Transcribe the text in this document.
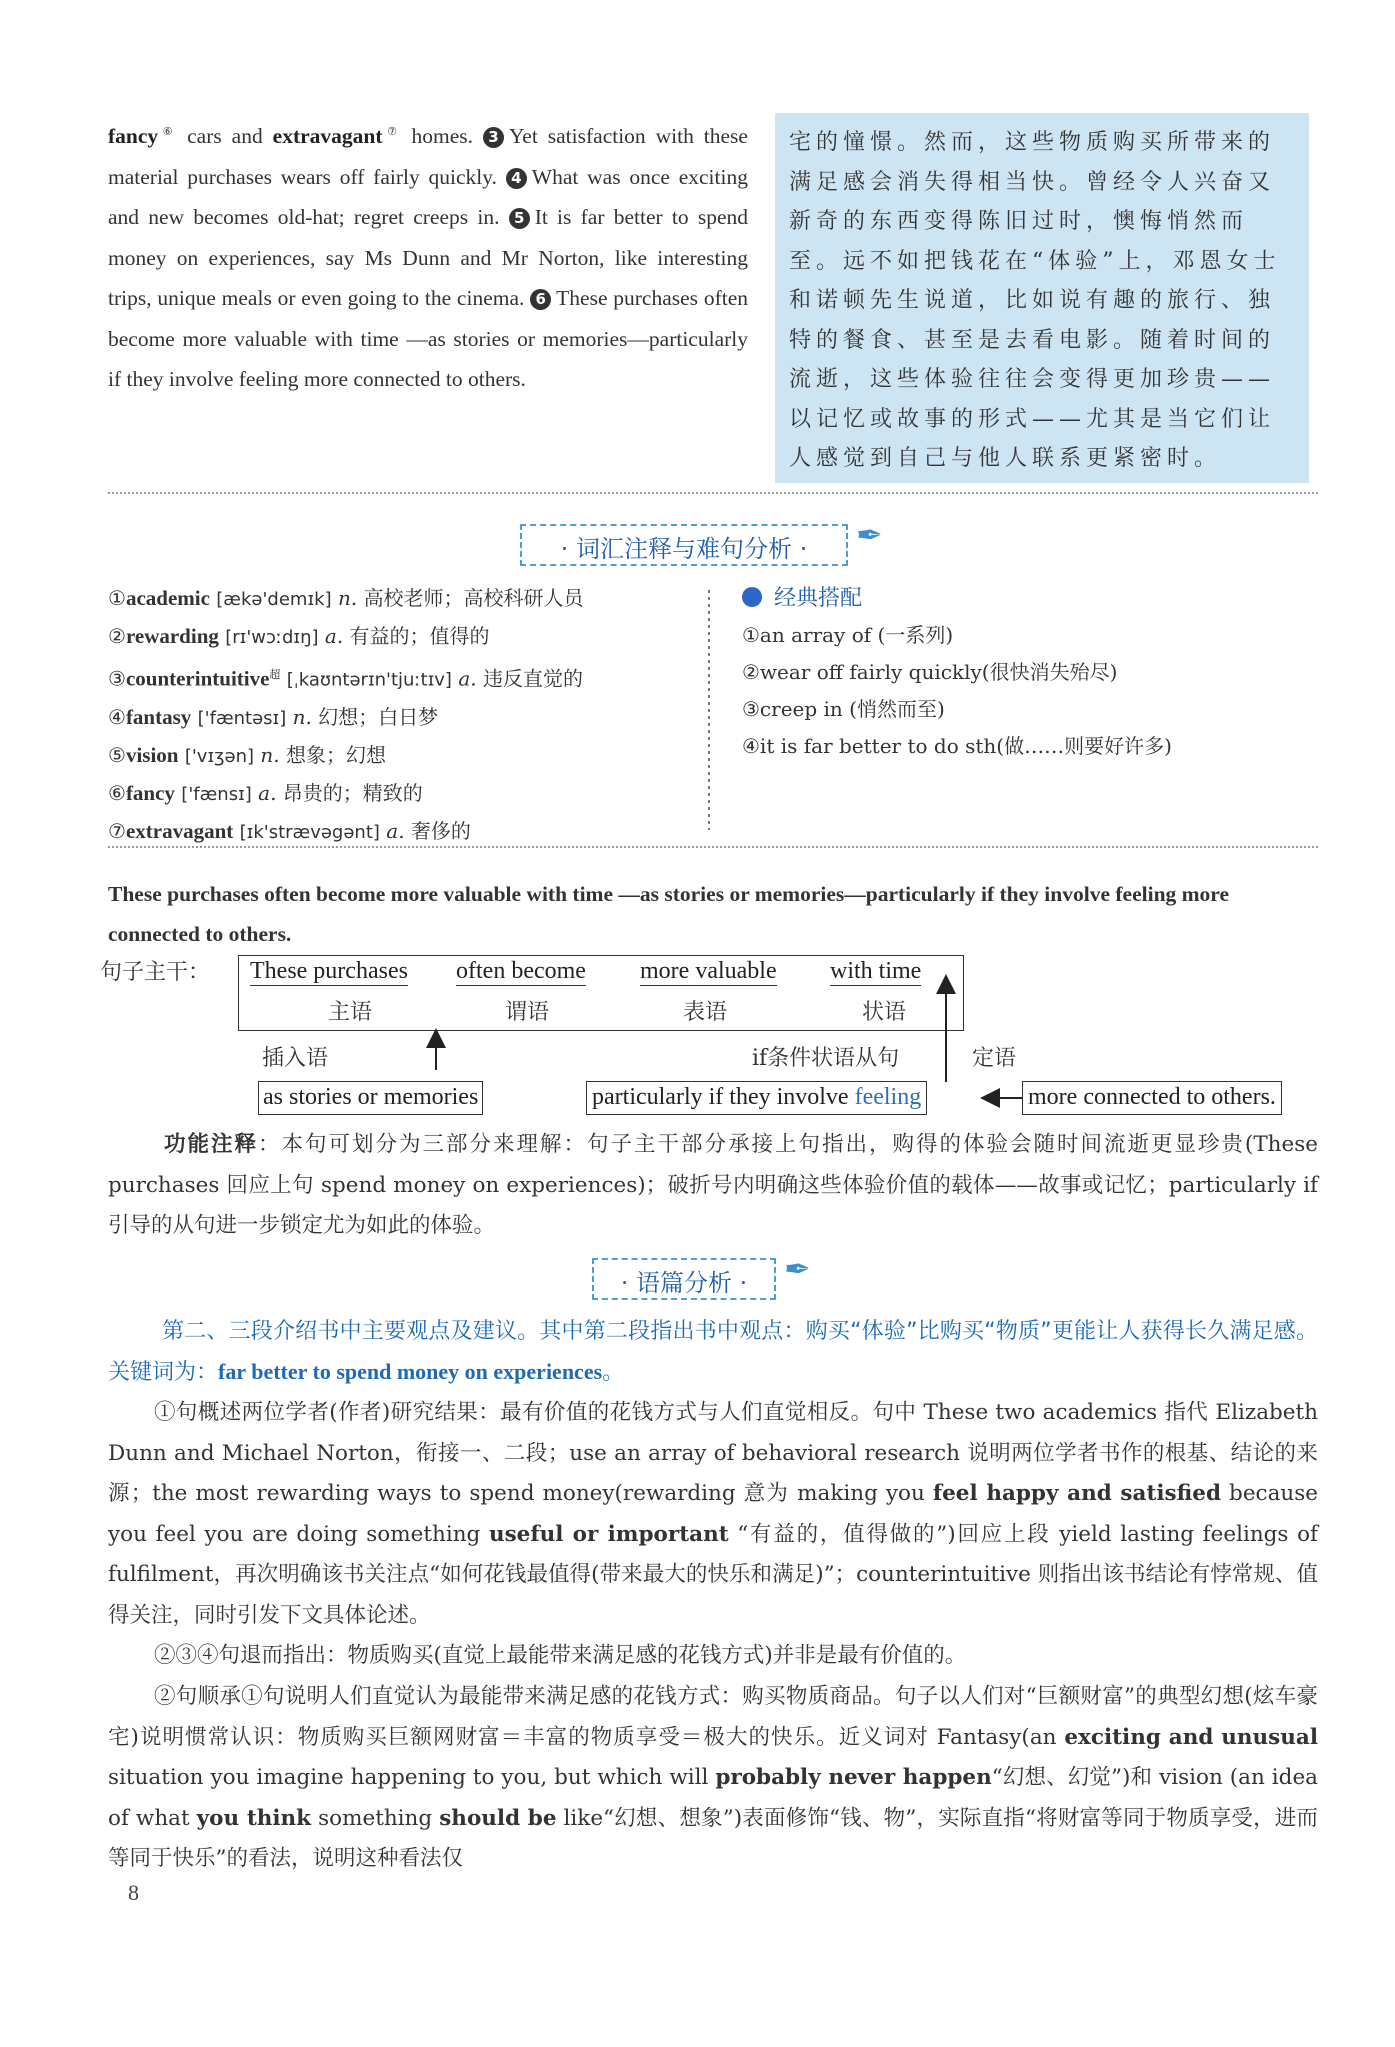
fancy⑥ cars and extravagant⑦ homes. 3 Yet satisfaction with these material purchases wears off fairly quickly. 4 What was once exciting and new becomes old-hat; regret creeps in. 5 It is far better to spend money on experiences, say Ms Dunn and Mr Norton, like interesting trips, unique meals or even going to the cinema. 6 These purchases often become more valuable with time —as stories or memories—particularly if they involve feeling more connected to others.
宅的憧憬。然而，这些物质购买所带来的满足感会消失得相当快。曾经令人兴奋又新奇的东西变得陈旧过时，懊悔悄然而至。远不如把钱花在“体验”上，邓恩女士和诺顿先生说道，比如说有趣的旅行、独特的餐食、甚至是去看电影。随着时间的流逝，这些体验往往会变得更加珍贵——以记忆或故事的形式——尤其是当它们让人感觉到自己与他人联系更紧密时。
· 词汇注释与难句分析 ·	✒
①academic [ækə'demɪk] n. 高校老师；高校科研人员
②rewarding [rɪ'wɔːdɪŋ] a. 有益的；值得的
③counterintuitive$^超$ [ˌkaʊntərɪn'tjuːtɪv] a. 违反直觉的
④fantasy ['fæntəsɪ] n. 幻想；白日梦
⑤vision ['vɪʒən] n. 想象；幻想
⑥fancy ['fænsɪ] a. 昂贵的；精致的
⑦extravagant [ɪk'strævəgənt] a. 奢侈的
经典搭配
①an array of (一系列)
②wear off fairly quickly(很快消失殆尽)
③creep in (悄然而至)
④it is far better to do sth(做……则要好许多)
These purchases often become more valuable with time —as stories or memories—particularly if they involve feeling more connected to others.
句子主干： These purchases
主语
often become
谓语
more valuable
表语
with time
状语
插入语
as stories or memories
if条件状语从句
particularly if they involve feeling
定语
more connected to others.
功能注释：本句可划分为三部分来理解：句子主干部分承接上句指出，购得的体验会随时间流逝更显珍贵(These purchases 回应上句 spend money on experiences)；破折号内明确这些体验价值的载体——故事或记忆；particularly if 引导的从句进一步锁定尤为如此的体验。
· 语篇分析 ·	✒
第二、三段介绍书中主要观点及建议。其中第二段指出书中观点：购买“体验”比购买“物质”更能让人获得长久满足感。关键词为：far better to spend money on experiences。
①句概述两位学者(作者)研究结果：最有价值的花钱方式与人们直觉相反。句中 These two academics 指代 Elizabeth Dunn and Michael Norton，衔接一、二段；use an array of behavioral research 说明两位学者书作的根基、结论的来源；the most rewarding ways to spend money(rewarding 意为 making you feel happy and satisfied because you feel you are doing something useful or important “有益的，值得做的”)回应上段 yield lasting feelings of fulfilment，再次明确该书关注点“如何花钱最值得(带来最大的快乐和满足)”；counterintuitive 则指出该书结论有悖常规、值得关注，同时引发下文具体论述。
②③④句退而指出：物质购买(直觉上最能带来满足感的花钱方式)并非是最有价值的。
②句顺承①句说明人们直觉认为最能带来满足感的花钱方式：购买物质商品。句子以人们对“巨额财富”的典型幻想(炫车豪宅)说明惯常认识：物质购买巨额网财富＝丰富的物质享受＝极大的快乐。近义词对 Fantasy(an exciting and unusual situation you imagine happening to you, but which will probably never happen“幻想、幻觉”)和 vision (an idea of what you think something should be like“幻想、想象”)表面修饰“钱、物”，实际直指“将财富等同于物质享受，进而等同于快乐”的看法，说明这种看法仅
8
